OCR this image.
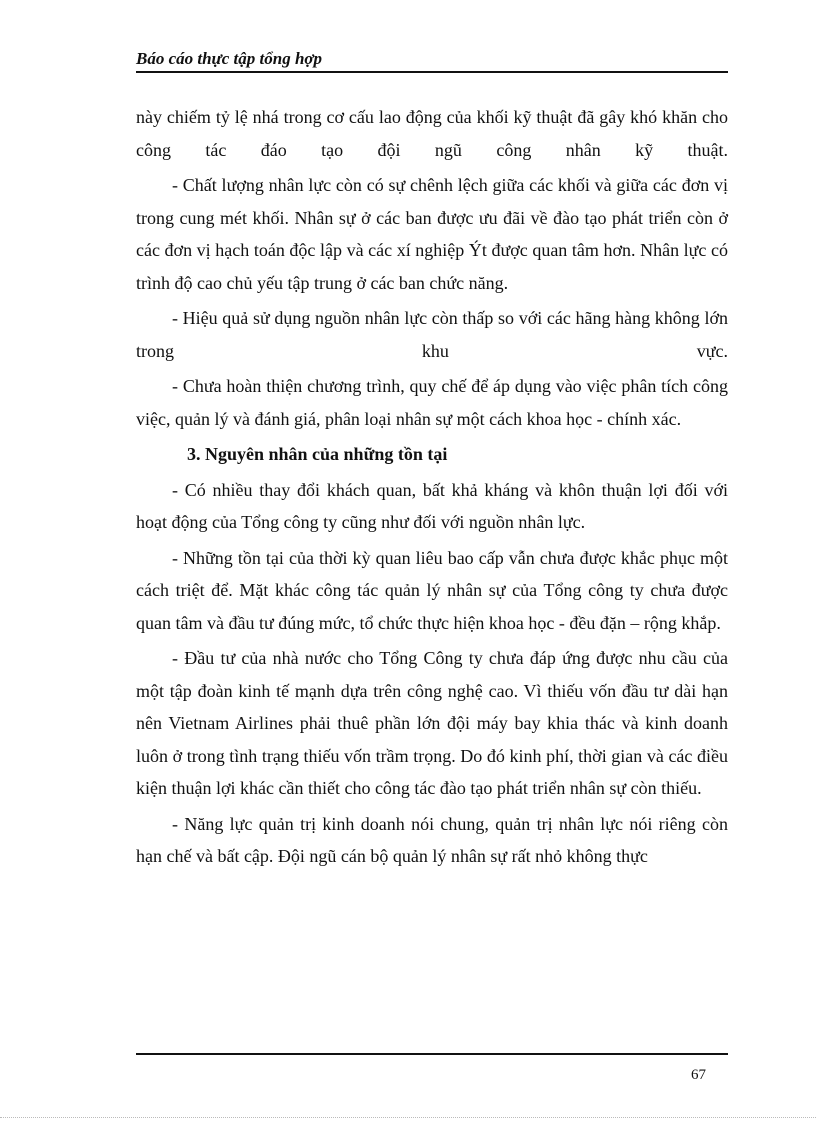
Báo cáo thực tập tổng hợp

này chiếm tỷ lệ nhá trong cơ cấu lao động của khối kỹ thuật đã gây khó khăn cho công tác đáo tạo đội ngũ công nhân kỹ thuật.

- Chất lượng nhân lực còn có sự chênh lệch giữa các khối và giữa các đơn vị trong cung mét khối. Nhân sự ở các ban được ưu đãi về đào tạo phát triển còn ở các đơn vị hạch toán độc lập và các xí nghiệp Ýt được quan tâm hơn. Nhân lực có trình độ cao chủ yếu tập trung ở các ban chức năng.

- Hiệu quả sử dụng nguồn nhân lực còn thấp so với các hãng hàng không lớn trong khu vực.

- Chưa hoàn thiện chương trình, quy chế để áp dụng vào việc phân tích công việc, quản lý và đánh giá, phân loại nhân sự một cách khoa học - chính xác.

3. Nguyên nhân của những tồn tại

- Có nhiều thay đổi khách quan, bất khả kháng và khôn thuận lợi đối với hoạt động của Tổng công ty cũng như đối với nguồn nhân lực.

- Những tồn tại của thời kỳ quan liêu bao cấp vẫn chưa được khắc phục một cách triệt để. Mặt khác công tác quản lý nhân sự của Tổng công ty chưa được quan tâm và đầu tư đúng mức, tổ chức thực hiện khoa học - đều đặn – rộng khắp.

- Đầu tư của nhà nước cho Tổng Công ty chưa đáp ứng được nhu cầu của một tập đoàn kinh tế mạnh dựa trên công nghệ cao. Vì thiếu vốn đầu tư dài hạn nên Vietnam Airlines phải thuê phần lớn đội máy bay khia thác và kinh doanh luôn ở trong tình trạng thiếu vốn trầm trọng. Do đó kinh phí, thời gian và các điều kiện thuận lợi khác cần thiết cho công tác đào tạo phát triển nhân sự còn thiếu.

- Năng lực quản trị kinh doanh nói chung, quản trị nhân lực nói riêng còn hạn chế và bất cập. Đội ngũ cán bộ quản lý nhân sự rất nhỏ không thực

67
